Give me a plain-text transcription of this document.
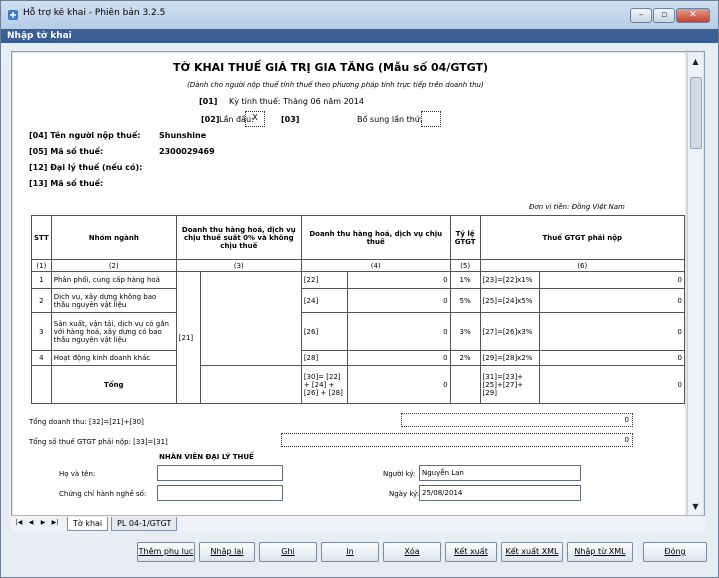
Hỗ trợ kê khai - Phiên bản 3.2.5	–	▫	✕
Nhập tờ khai
TỜ KHAI THUẾ GIÁ TRỊ GIA TĂNG (Mẫu số 04/GTGT)
(Dành cho người nộp thuế tính thuế theo phương pháp tính trực tiếp trên doanh thu)
[01] Kỳ tính thuế: Tháng 06 năm 2014
[02] Lần đầu:
X	[03]	Bổ sung lần thứ:
[04] Tên người nộp thuế: Shunshine
[05] Mã số thuế:	2300029469
[12] Đại lý thuế (nếu có):
[13] Mã số thuế:
Đơn vị tiền: Đồng Việt Nam
STT	Nhóm ngành	Doanh thu hàng hoá, dịch vụ chịu thuế suất 0% và không chịu thuế		Doanh thu hàng hoá, dịch vụ chịu thuế		Tỷ lệ GTGT	Thuế GTGT phải nộp	
(1)	(2)	(3)		(4)		(5)	(6)	
1	Phân phối, cung cấp hàng hoá	[21]		[22]	0	1%	[23]=[22]x1%	0
2	Dịch vụ, xây dựng không bao thầu nguyên vật liệu			[24]	0	5%	[25]=[24]x5%	0
3	Sản xuất, vận tải, dịch vụ có gắn với hàng hoá, xây dựng có bao thầu nguyên vật liệu			[26]	0	3%	[27]=[26]x3%	0
4	Hoạt động kinh doanh khác			[28]	0	2%	[29]=[28]x2%	0
	Tổng			[30]= [22] + [24] + [26] + [28]	0		[31]=[23]+[25]+[27]+[29]	0
Tổng doanh thu: [32]=[21]+[30]	0
Tổng số thuế GTGT phải nộp: [33]=[31]	0
NHÂN VIÊN ĐẠI LÝ THUẾ
Họ và tên:
Chứng chỉ hành nghề số:
Người ký: Nguyễn Lan
Ngày ký: 25/08/2014
▲
▼
|◀ ◀ ▶ ▶|	Tờ khai	PL 04-1/GTGT
Thêm phụ lục	Nhập lại	Ghi	In	Xóa	Kết xuất	Kết xuất XML	Nhập từ XML	Đóng
